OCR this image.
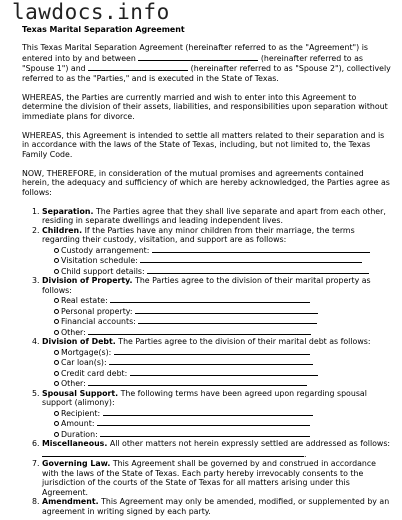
lawdocs.info
Texas Marital Separation Agreement

This Texas Marital Separation Agreement (hereinafter referred to as the "Agreement") is entered into by and between	(hereinafter referred to as "Spouse 1") and	(hereinafter referred to as "Spouse 2"), collectively referred to as the "Parties," and is executed in the State of Texas.

WHEREAS, the Parties are currently married and wish to enter into this Agreement to determine the division of their assets, liabilities, and responsibilities upon separation without immediate plans for divorce.

WHEREAS, this Agreement is intended to settle all matters related to their separation and is in accordance with the laws of the State of Texas, including, but not limited to, the Texas Family Code.

NOW, THEREFORE, in consideration of the mutual promises and agreements contained herein, the adequacy and sufficiency of which are hereby acknowledged, the Parties agree as follows:

1. Separation. The Parties agree that they shall live separate and apart from each other, residing in separate dwellings and leading independent lives.
2. Children. If the Parties have any minor children from their marriage, the terms regarding their custody, visitation, and support are as follows:
Custody arrangement:
Visitation schedule:
Child support details:
3. Division of Property. The Parties agree to the division of their marital property as follows:
Real estate:
Personal property:
Financial accounts:
Other:
4. Division of Debt. The Parties agree to the division of their marital debt as follows:
Mortgage(s):
Car loan(s):
Credit card debt:
Other:
5. Spousal Support. The following terms have been agreed upon regarding spousal support (alimony):
Recipient:
Amount:
Duration:
6. Miscellaneous. All other matters not herein expressly settled are addressed as follows: .
7. Governing Law. This Agreement shall be governed by and construed in accordance with the laws of the State of Texas. Each party hereby irrevocably consents to the jurisdiction of the courts of the State of Texas for all matters arising under this Agreement.
8. Amendment. This Agreement may only be amended, modified, or supplemented by an agreement in writing signed by each party.
